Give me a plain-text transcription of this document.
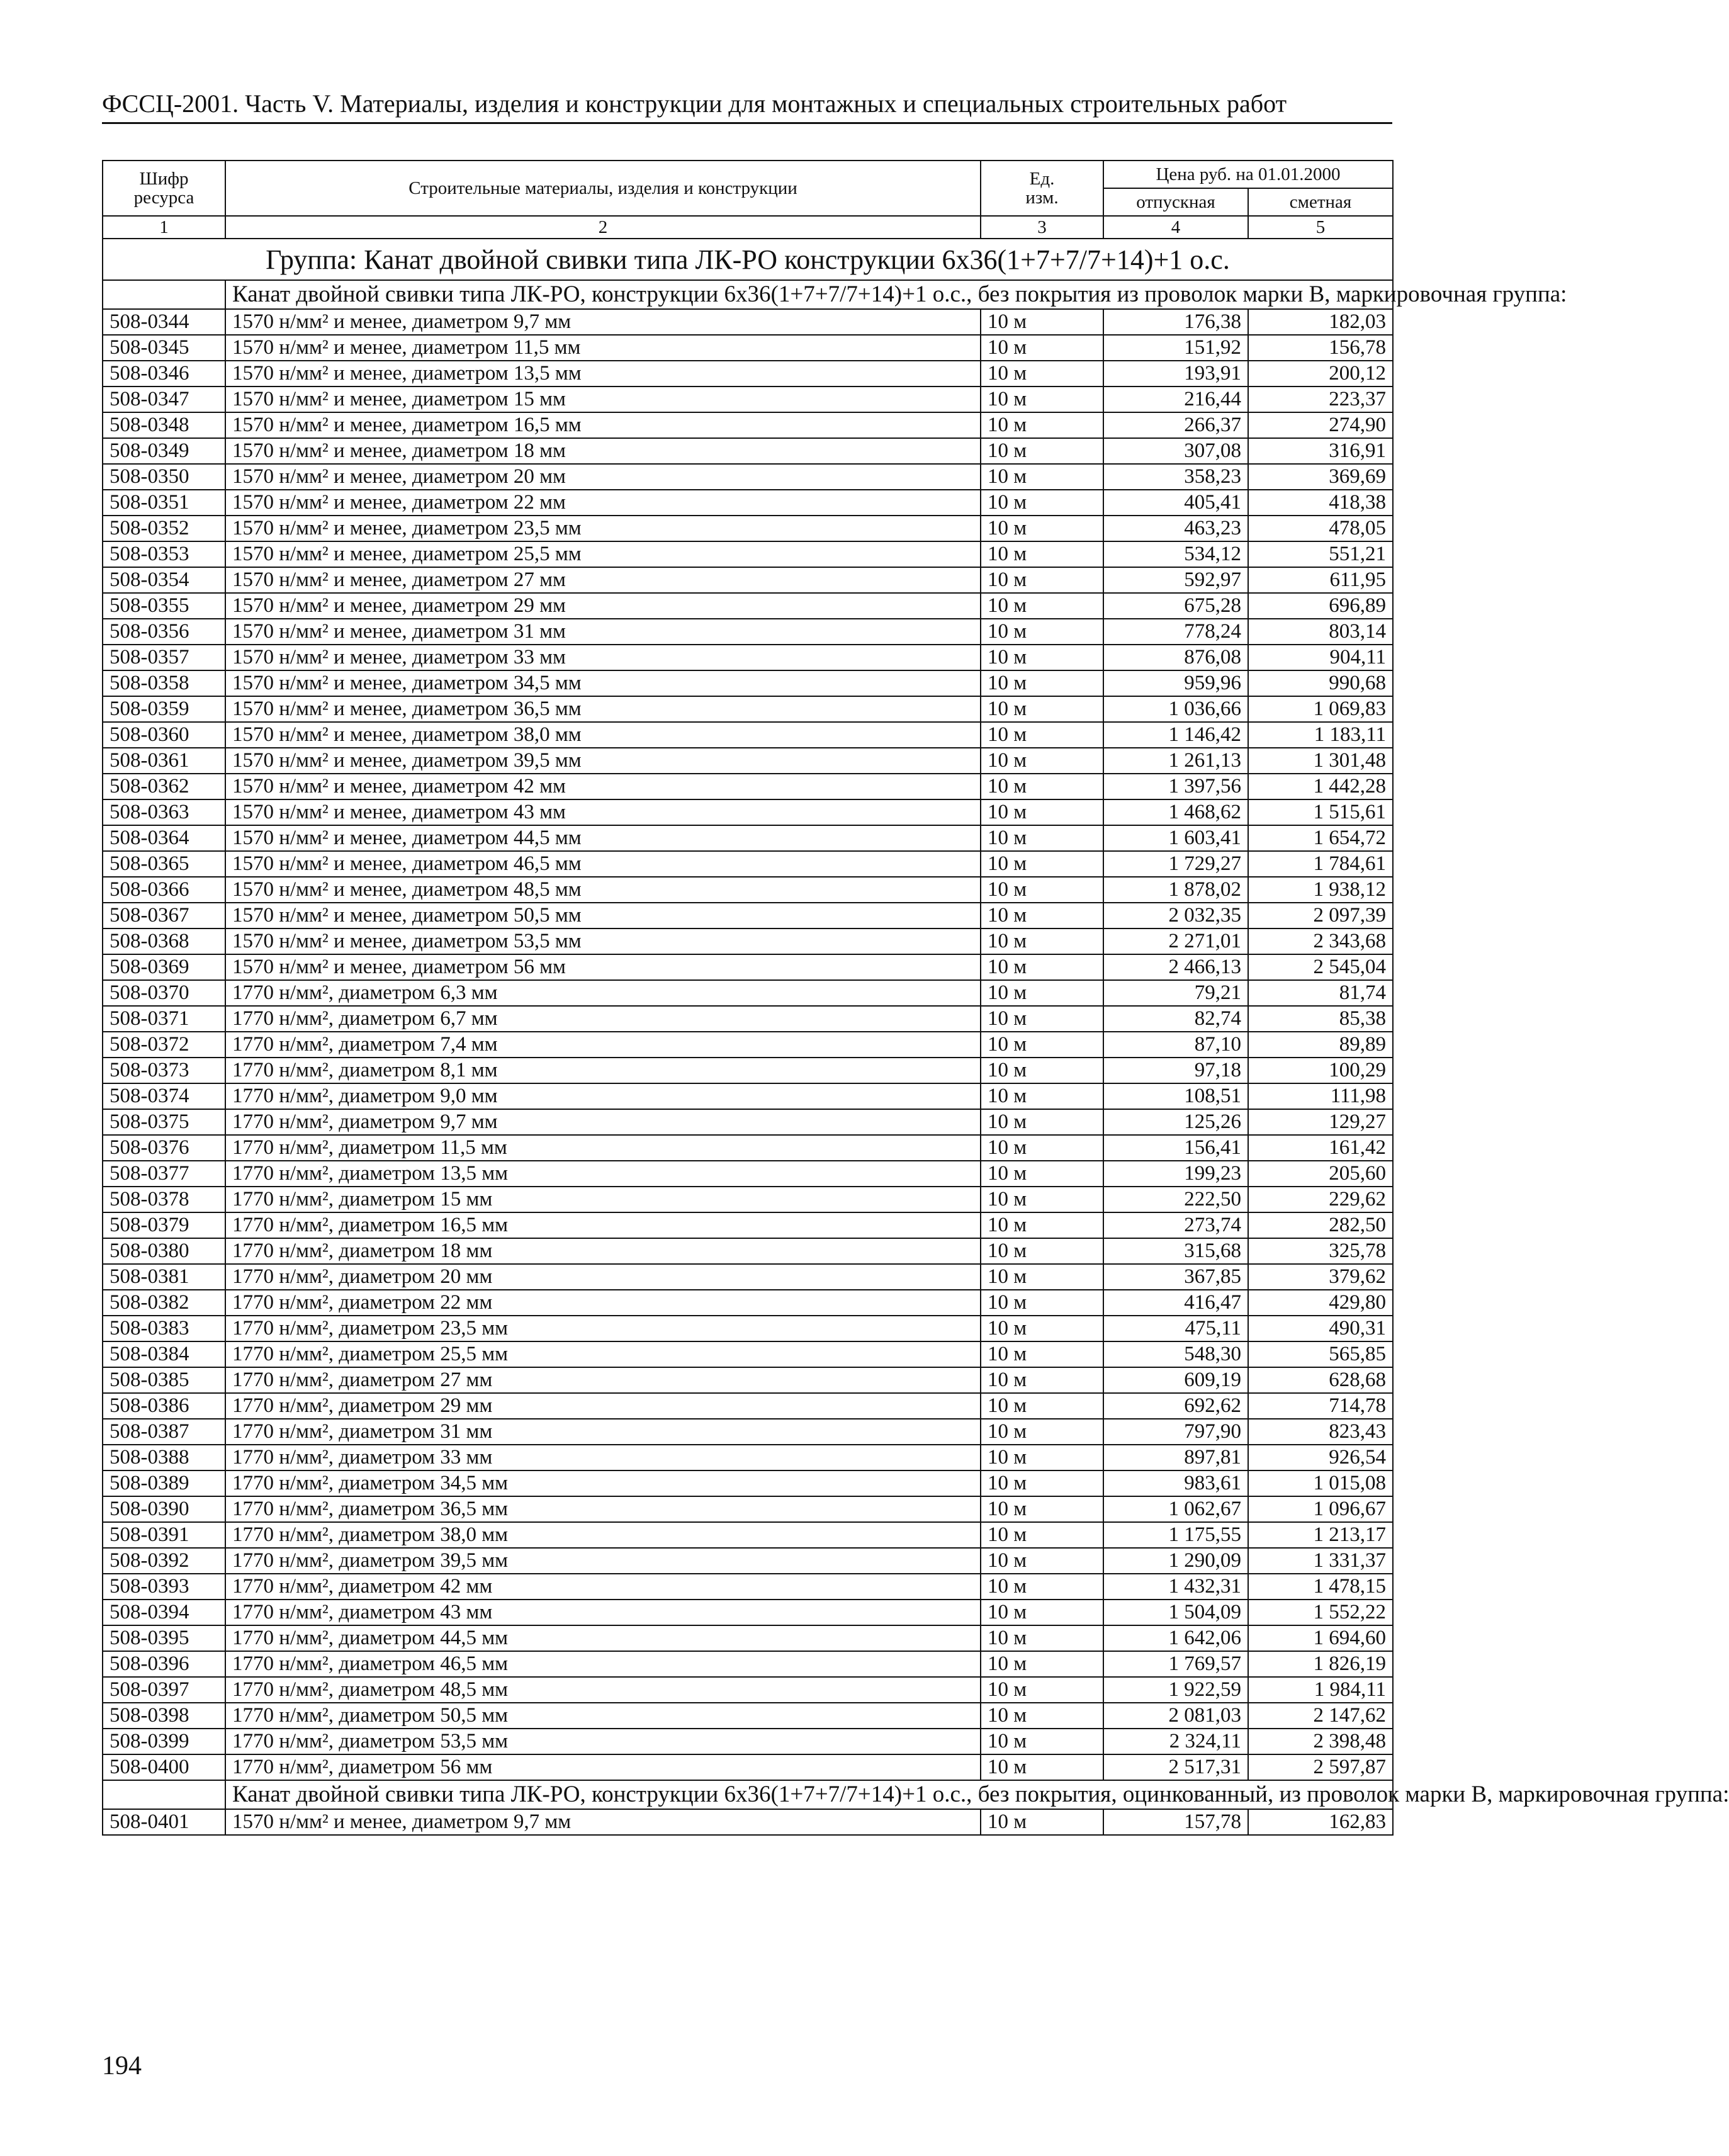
ФССЦ-2001. Часть V. Материалы, изделия и конструкции для монтажных и специальных строительных работ
Шифр ресурса	Строительные материалы, изделия и конструкции	Ед. изм.	Цена руб. на 01.01.2000	
			отпускная	сметная
1	2	3	4	5
Группа: Канат двойной свивки типа ЛК-РО конструкции 6х36(1+7+7/7+14)+1 о.с.				
	Канат двойной свивки типа ЛК-РО, конструкции 6х36(1+7+7/7+14)+1 о.с., без покрытия из проволок марки В, маркировочная группа:			
508-0344	1570 н/мм² и менее, диаметром 9,7 мм	10 м	176,38	182,03
508-0345	1570 н/мм² и менее, диаметром 11,5 мм	10 м	151,92	156,78
508-0346	1570 н/мм² и менее, диаметром 13,5 мм	10 м	193,91	200,12
508-0347	1570 н/мм² и менее, диаметром 15 мм	10 м	216,44	223,37
508-0348	1570 н/мм² и менее, диаметром 16,5 мм	10 м	266,37	274,90
508-0349	1570 н/мм² и менее, диаметром 18 мм	10 м	307,08	316,91
508-0350	1570 н/мм² и менее, диаметром 20 мм	10 м	358,23	369,69
508-0351	1570 н/мм² и менее, диаметром 22 мм	10 м	405,41	418,38
508-0352	1570 н/мм² и менее, диаметром 23,5 мм	10 м	463,23	478,05
508-0353	1570 н/мм² и менее, диаметром 25,5 мм	10 м	534,12	551,21
508-0354	1570 н/мм² и менее, диаметром 27 мм	10 м	592,97	611,95
508-0355	1570 н/мм² и менее, диаметром 29 мм	10 м	675,28	696,89
508-0356	1570 н/мм² и менее, диаметром 31 мм	10 м	778,24	803,14
508-0357	1570 н/мм² и менее, диаметром 33 мм	10 м	876,08	904,11
508-0358	1570 н/мм² и менее, диаметром 34,5 мм	10 м	959,96	990,68
508-0359	1570 н/мм² и менее, диаметром 36,5 мм	10 м	1 036,66	1 069,83
508-0360	1570 н/мм² и менее, диаметром 38,0 мм	10 м	1 146,42	1 183,11
508-0361	1570 н/мм² и менее, диаметром 39,5 мм	10 м	1 261,13	1 301,48
508-0362	1570 н/мм² и менее, диаметром 42 мм	10 м	1 397,56	1 442,28
508-0363	1570 н/мм² и менее, диаметром 43 мм	10 м	1 468,62	1 515,61
508-0364	1570 н/мм² и менее, диаметром 44,5 мм	10 м	1 603,41	1 654,72
508-0365	1570 н/мм² и менее, диаметром 46,5 мм	10 м	1 729,27	1 784,61
508-0366	1570 н/мм² и менее, диаметром 48,5 мм	10 м	1 878,02	1 938,12
508-0367	1570 н/мм² и менее, диаметром 50,5 мм	10 м	2 032,35	2 097,39
508-0368	1570 н/мм² и менее, диаметром 53,5 мм	10 м	2 271,01	2 343,68
508-0369	1570 н/мм² и менее, диаметром 56 мм	10 м	2 466,13	2 545,04
508-0370	1770 н/мм², диаметром 6,3 мм	10 м	79,21	81,74
508-0371	1770 н/мм², диаметром 6,7 мм	10 м	82,74	85,38
508-0372	1770 н/мм², диаметром 7,4 мм	10 м	87,10	89,89
508-0373	1770 н/мм², диаметром 8,1 мм	10 м	97,18	100,29
508-0374	1770 н/мм², диаметром 9,0 мм	10 м	108,51	111,98
508-0375	1770 н/мм², диаметром 9,7 мм	10 м	125,26	129,27
508-0376	1770 н/мм², диаметром 11,5 мм	10 м	156,41	161,42
508-0377	1770 н/мм², диаметром 13,5 мм	10 м	199,23	205,60
508-0378	1770 н/мм², диаметром 15 мм	10 м	222,50	229,62
508-0379	1770 н/мм², диаметром 16,5 мм	10 м	273,74	282,50
508-0380	1770 н/мм², диаметром 18 мм	10 м	315,68	325,78
508-0381	1770 н/мм², диаметром 20 мм	10 м	367,85	379,62
508-0382	1770 н/мм², диаметром 22 мм	10 м	416,47	429,80
508-0383	1770 н/мм², диаметром 23,5 мм	10 м	475,11	490,31
508-0384	1770 н/мм², диаметром 25,5 мм	10 м	548,30	565,85
508-0385	1770 н/мм², диаметром 27 мм	10 м	609,19	628,68
508-0386	1770 н/мм², диаметром 29 мм	10 м	692,62	714,78
508-0387	1770 н/мм², диаметром 31 мм	10 м	797,90	823,43
508-0388	1770 н/мм², диаметром 33 мм	10 м	897,81	926,54
508-0389	1770 н/мм², диаметром 34,5 мм	10 м	983,61	1 015,08
508-0390	1770 н/мм², диаметром 36,5 мм	10 м	1 062,67	1 096,67
508-0391	1770 н/мм², диаметром 38,0 мм	10 м	1 175,55	1 213,17
508-0392	1770 н/мм², диаметром 39,5 мм	10 м	1 290,09	1 331,37
508-0393	1770 н/мм², диаметром 42 мм	10 м	1 432,31	1 478,15
508-0394	1770 н/мм², диаметром 43 мм	10 м	1 504,09	1 552,22
508-0395	1770 н/мм², диаметром 44,5 мм	10 м	1 642,06	1 694,60
508-0396	1770 н/мм², диаметром 46,5 мм	10 м	1 769,57	1 826,19
508-0397	1770 н/мм², диаметром 48,5 мм	10 м	1 922,59	1 984,11
508-0398	1770 н/мм², диаметром 50,5 мм	10 м	2 081,03	2 147,62
508-0399	1770 н/мм², диаметром 53,5 мм	10 м	2 324,11	2 398,48
508-0400	1770 н/мм², диаметром 56 мм	10 м	2 517,31	2 597,87
	Канат двойной свивки типа ЛК-РО, конструкции 6х36(1+7+7/7+14)+1 о.с., без покрытия, оцинкованный, из проволок марки В, маркировочная группа:			
508-0401	1570 н/мм² и менее, диаметром 9,7 мм	10 м	157,78	162,83
194
